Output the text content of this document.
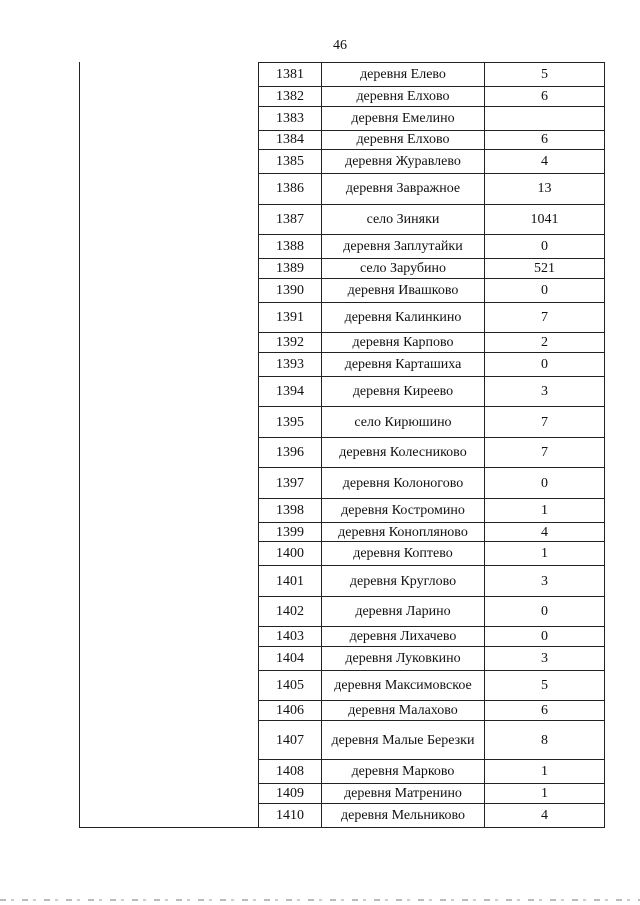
46
1381	деревня Елево	5
1382	деревня Елхово	6
1383	деревня Емелино	
1384	деревня Елхово	6
1385	деревня Журавлево	4
1386	деревня Завражное	13
1387	село Зиняки	1041
1388	деревня Заплутайки	0
1389	село Зарубино	521
1390	деревня Ивашково	0
1391	деревня Калинкино	7
1392	деревня Карпово	2
1393	деревня Карташиха	0
1394	деревня Киреево	3
1395	село Кирюшино	7
1396	деревня Колесниково	7
1397	деревня Колоногово	0
1398	деревня Костромино	1
1399	деревня Конопляново	4
1400	деревня Коптево	1
1401	деревня Круглово	3
1402	деревня Ларино	0
1403	деревня Лихачево	0
1404	деревня Луковкино	3
1405	деревня Максимовское	5
1406	деревня Малахово	6
1407	деревня Малые Березки	8
1408	деревня Марково	1
1409	деревня Матренино	1
1410	деревня Мельниково	4
